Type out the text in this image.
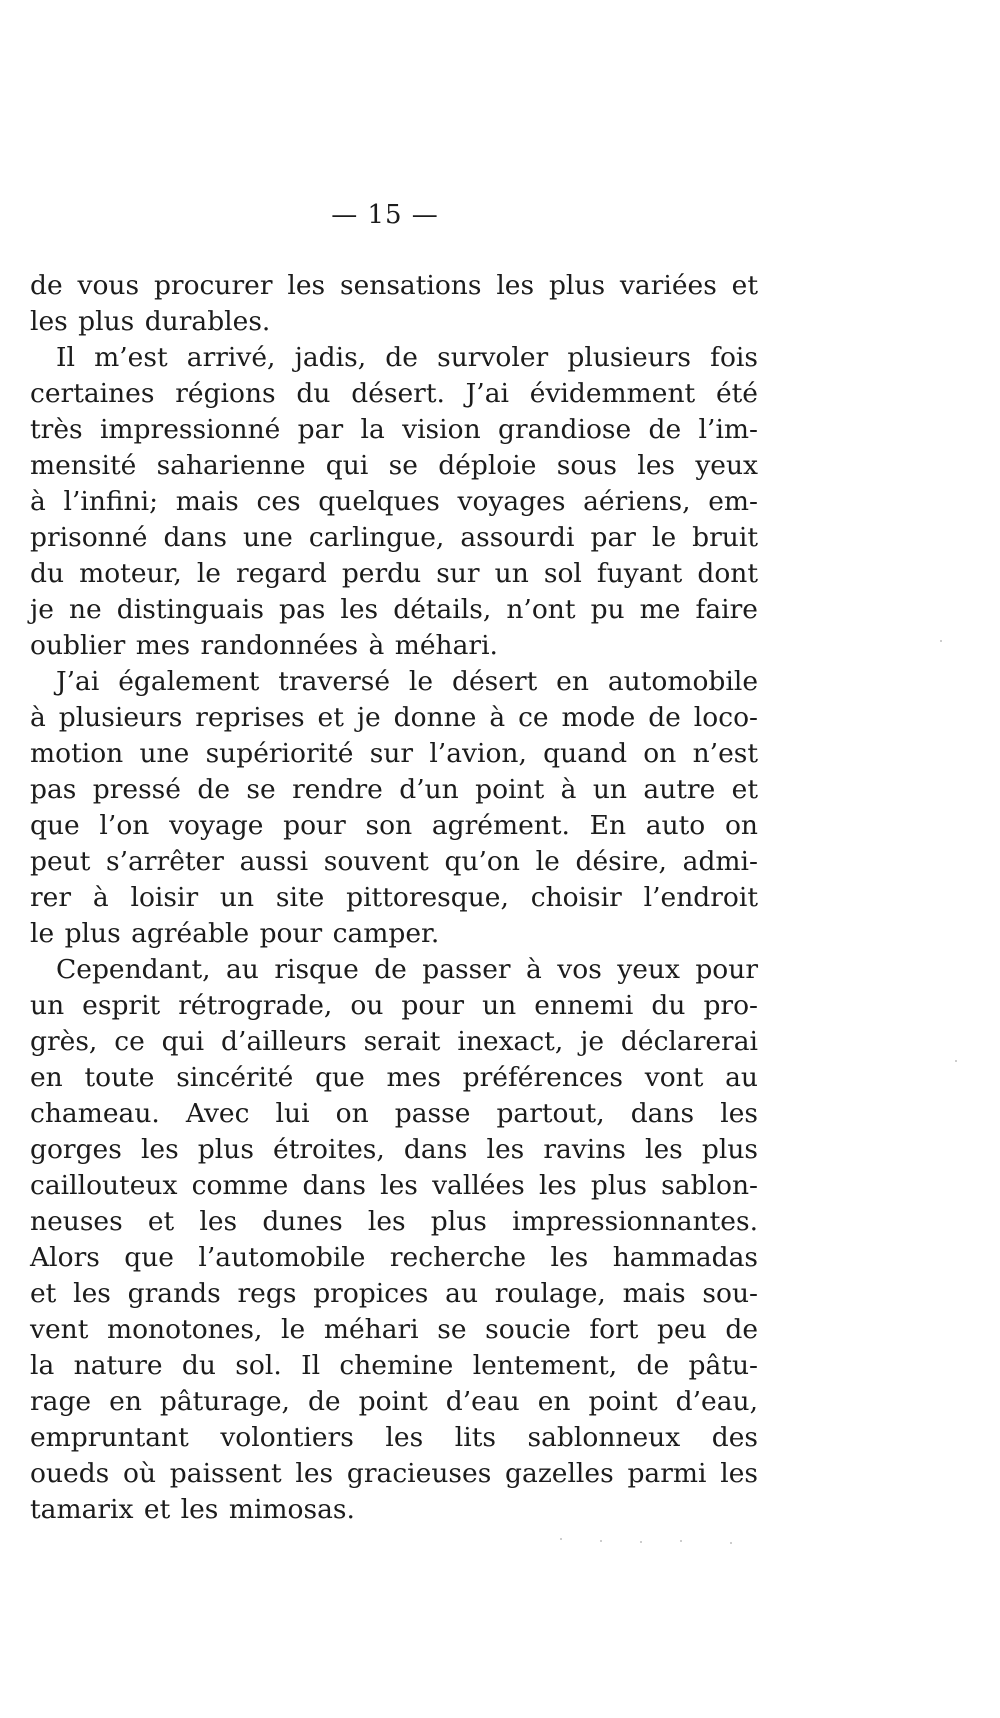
— 15 —
de vous procurer les sensations les plus variées et
les plus durables.
Il m’est arrivé, jadis, de survoler plusieurs fois
certaines régions du désert. J’ai évidemment été
très impressionné par la vision grandiose de l’im-
mensité saharienne qui se déploie sous les yeux
à l’infini; mais ces quelques voyages aériens, em-
prisonné dans une carlingue, assourdi par le bruit
du moteur, le regard perdu sur un sol fuyant dont
je ne distinguais pas les détails, n’ont pu me faire
oublier mes randonnées à méhari.
J’ai également traversé le désert en automobile
à plusieurs reprises et je donne à ce mode de loco-
motion une supériorité sur l’avion, quand on n’est
pas pressé de se rendre d’un point à un autre et
que l’on voyage pour son agrément. En auto on
peut s’arrêter aussi souvent qu’on le désire, admi-
rer à loisir un site pittoresque, choisir l’endroit
le plus agréable pour camper.
Cependant, au risque de passer à vos yeux pour
un esprit rétrograde, ou pour un ennemi du pro-
grès, ce qui d’ailleurs serait inexact, je déclarerai
en toute sincérité que mes préférences vont au
chameau. Avec lui on passe partout, dans les
gorges les plus étroites, dans les ravins les plus
caillouteux comme dans les vallées les plus sablon-
neuses et les dunes les plus impressionnantes.
Alors que l’automobile recherche les hammadas
et les grands regs propices au roulage, mais sou-
vent monotones, le méhari se soucie fort peu de
la nature du sol. Il chemine lentement, de pâtu-
rage en pâturage, de point d’eau en point d’eau,
empruntant volontiers les lits sablonneux des
oueds où paissent les gracieuses gazelles parmi les
tamarix et les mimosas.
